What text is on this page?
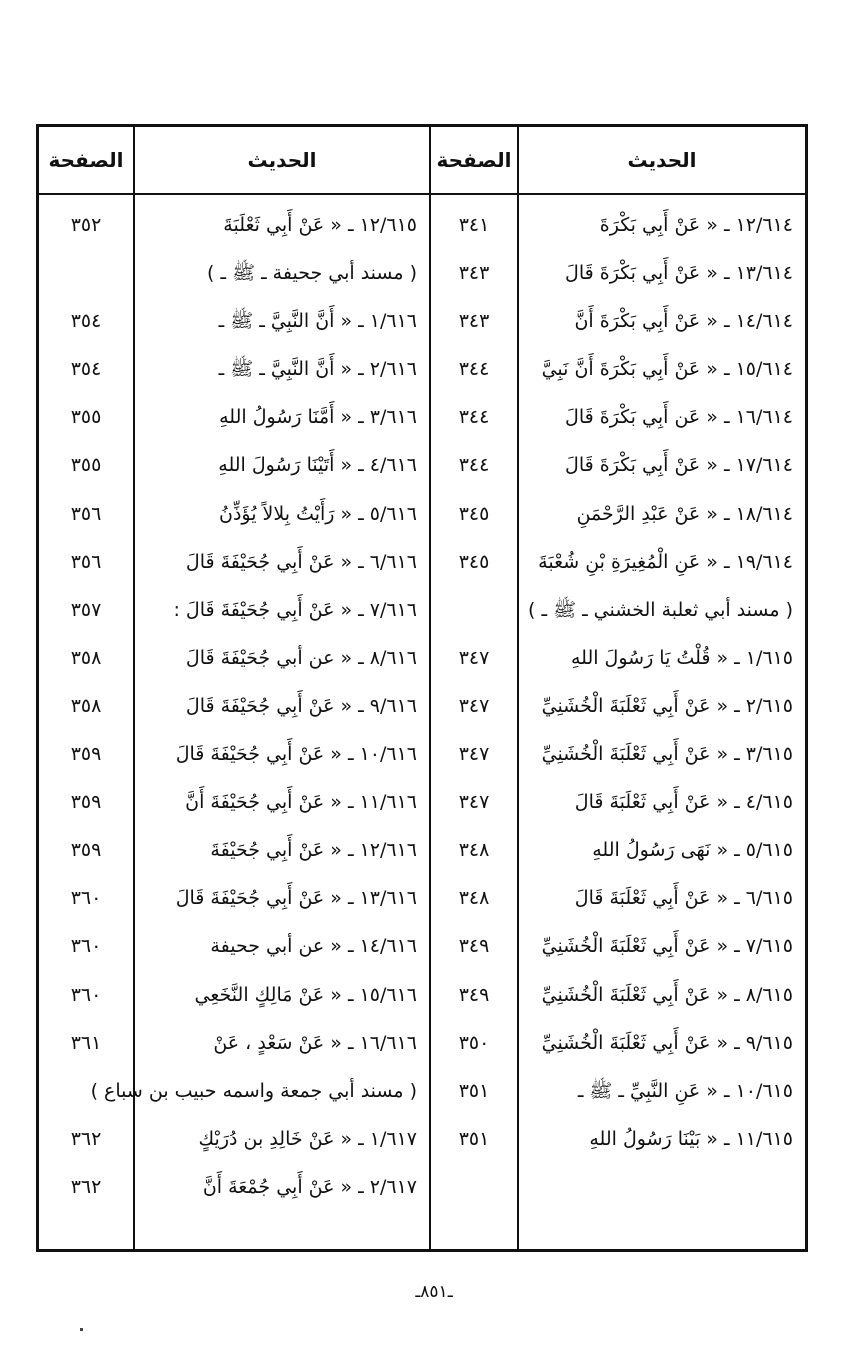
الحديث
١٢/٦١٤ ـ « عَنْ أَبِي بَكْرَةَ
١٣/٦١٤ ـ « عَنْ أَبِي بَكْرَةَ قَالَ
١٤/٦١٤ ـ « عَنْ أَبِي بَكْرَةَ أَنَّ
١٥/٦١٤ ـ « عَنْ أَبِي بَكْرَةَ أَنَّ نَبِيَّ
١٦/٦١٤ ـ « عَن أَبِي بَكْرَةَ قَالَ
١٧/٦١٤ ـ « عَنْ أَبِي بَكْرَةَ قَالَ
١٨/٦١٤ ـ « عَنْ عَبْدِ الرَّحْمَنِ
١٩/٦١٤ ـ « عَنِ الْمُغِيرَةِ بْنِ شُعْبَةَ
( مسند أبي ثعلبة الخشني ـ ﷺ ـ )
١/٦١٥ ـ « قُلْتُ يَا رَسُولَ اللهِ
٢/٦١٥ ـ « عَنْ أَبِي ثَعْلَبَةَ الْخُشَنِيِّ
٣/٦١٥ ـ « عَنْ أَبِي ثَعْلَبَةَ الْخُشَنِيِّ
٤/٦١٥ ـ « عَنْ أَبِي ثَعْلَبَةَ قَالَ
٥/٦١٥ ـ « نَهَى رَسُولُ اللهِ
٦/٦١٥ ـ « عَنْ أَبِي ثَعْلَبَةَ قَالَ
٧/٦١٥ ـ « عَنْ أَبِي ثَعْلَبَةَ الْخُشَنِيِّ
٨/٦١٥ ـ « عَنْ أَبِي ثَعْلَبَةَ الْخُشَنِيِّ
٩/٦١٥ ـ « عَنْ أَبِي ثَعْلَبَةَ الْخُشَنِيِّ
١٠/٦١٥ ـ « عَنِ النَّبِيِّ ـ ﷺ ـ
١١/٦١٥ ـ « بَيْنَا رَسُولُ اللهِ
الصفحة
٣٤١
٣٤٣
٣٤٣
٣٤٤
٣٤٤
٣٤٤
٣٤٥
٣٤٥
٣٤٧
٣٤٧
٣٤٧
٣٤٧
٣٤٨
٣٤٨
٣٤٩
٣٤٩
٣٥٠
٣٥١
٣٥١
الحديث
١٢/٦١٥ ـ « عَنْ أَبِي ثَعْلَبَةَ
( مسند أبي جحيفة ـ ﷺ ـ )
١/٦١٦ ـ « أَنَّ النَّبِيَّ ـ ﷺ ـ
٢/٦١٦ ـ « أَنَّ النَّبِيَّ ـ ﷺ ـ
٣/٦١٦ ـ « أَمَّنَا رَسُولُ اللهِ
٤/٦١٦ ـ « أَتَيْنَا رَسُولَ اللهِ
٥/٦١٦ ـ « رَأَيْتُ بِلالاً يُؤَذِّنُ
٦/٦١٦ ـ « عَنْ أَبِي جُحَيْفَةَ قَالَ
٧/٦١٦ ـ « عَنْ أَبِي جُحَيْفَةَ قَالَ :
٨/٦١٦ ـ « عن أبي جُحَيْفَةَ قَالَ
٩/٦١٦ ـ « عَنْ أَبِي جُحَيْفَةَ قَالَ
١٠/٦١٦ ـ « عَنْ أَبِي جُحَيْفَةَ قَالَ
١١/٦١٦ ـ « عَنْ أَبِي جُحَيْفَةَ أَنَّ
١٢/٦١٦ ـ « عَنْ أَبِي جُحَيْفَةَ
١٣/٦١٦ ـ « عَنْ أَبِي جُحَيْفَةَ قَالَ
١٤/٦١٦ ـ « عن أبي جحيفة
١٥/٦١٦ ـ « عَنْ مَالِكٍ النَّخَعِي
١٦/٦١٦ ـ « عَنْ سَعْدٍ ، عَنْ
( مسند أبي جمعة واسمه حبيب بن سباع )
١/٦١٧ ـ « عَنْ خَالِدِ بن دُرَيْكٍ
٢/٦١٧ ـ « عَنْ أَبِي جُمْعَةَ أَنَّ
الصفحة
٣٥٢
٣٥٤
٣٥٤
٣٥٥
٣٥٥
٣٥٦
٣٥٦
٣٥٧
٣٥٨
٣٥٨
٣٥٩
٣٥٩
٣٥٩
٣٦٠
٣٦٠
٣٦٠
٣٦١
٣٦٢
٣٦٢
ـ٨٥١ـ
